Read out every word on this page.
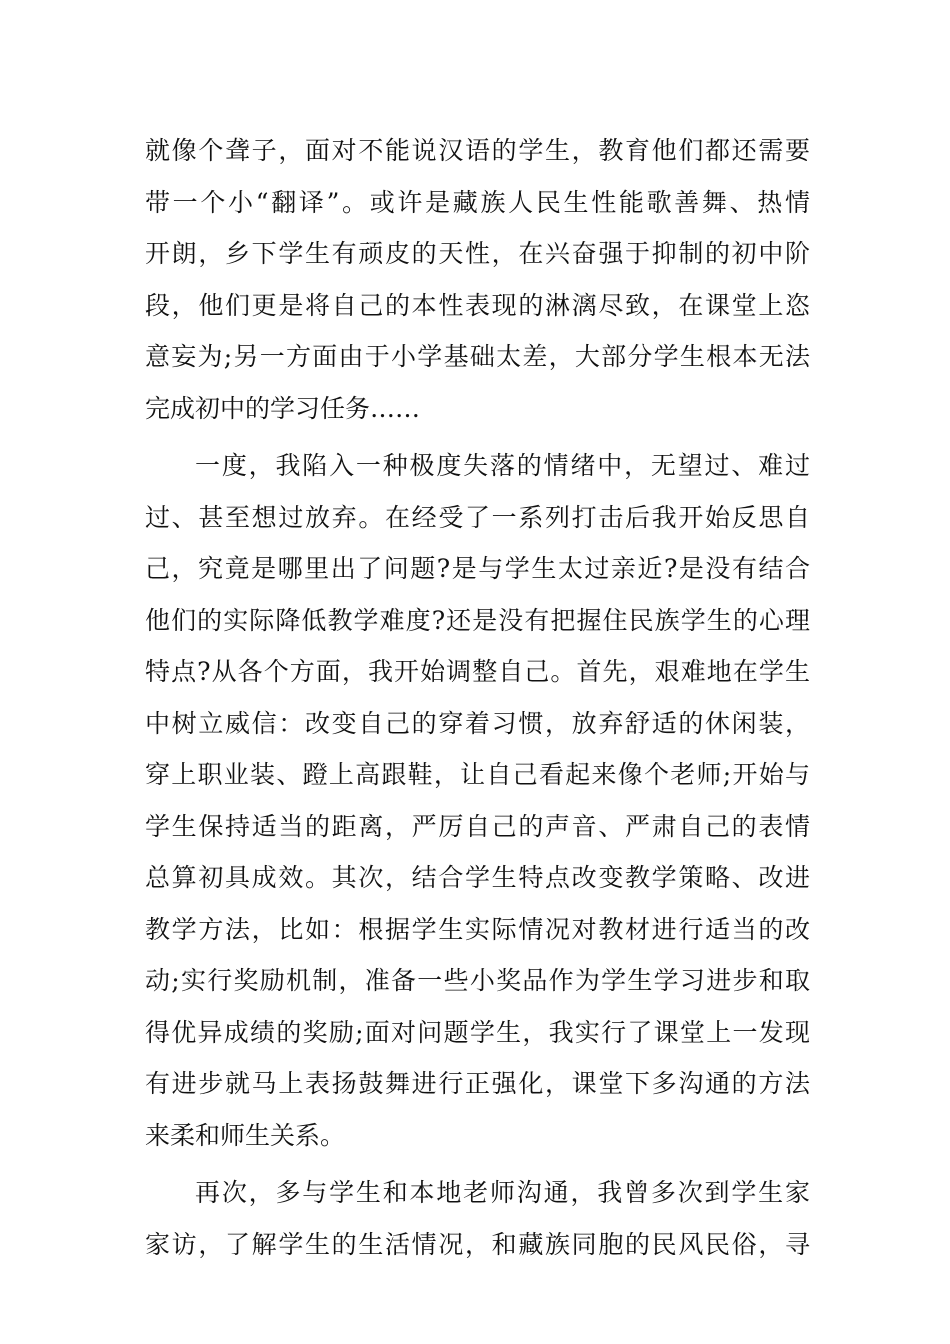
就像个聋子，面对不能说汉语的学生，教育他们都还需要
带一个小“翻译”。或许是藏族人民生性能歌善舞、热情
开朗，乡下学生有顽皮的天性，在兴奋强于抑制的初中阶
段，他们更是将自己的本性表现的淋漓尽致，在课堂上恣
意妄为;另一方面由于小学基础太差，大部分学生根本无法
完成初中的学习任务……
一度，我陷入一种极度失落的情绪中，无望过、难过
过、甚至想过放弃。在经受了一系列打击后我开始反思自
己，究竟是哪里出了问题?是与学生太过亲近?是没有结合
他们的实际降低教学难度?还是没有把握住民族学生的心理
特点?从各个方面，我开始调整自己。首先，艰难地在学生
中树立威信：改变自己的穿着习惯，放弃舒适的休闲装，
穿上职业装、蹬上高跟鞋，让自己看起来像个老师;开始与
学生保持适当的距离，严厉自己的声音、严肃自己的表情
总算初具成效。其次，结合学生特点改变教学策略、改进
教学方法，比如：根据学生实际情况对教材进行适当的改
动;实行奖励机制，准备一些小奖品作为学生学习进步和取
得优异成绩的奖励;面对问题学生，我实行了课堂上一发现
有进步就马上表扬鼓舞进行正强化，课堂下多沟通的方法
来柔和师生关系。
再次，多与学生和本地老师沟通，我曾多次到学生家
家访，了解学生的生活情况，和藏族同胞的民风民俗，寻
